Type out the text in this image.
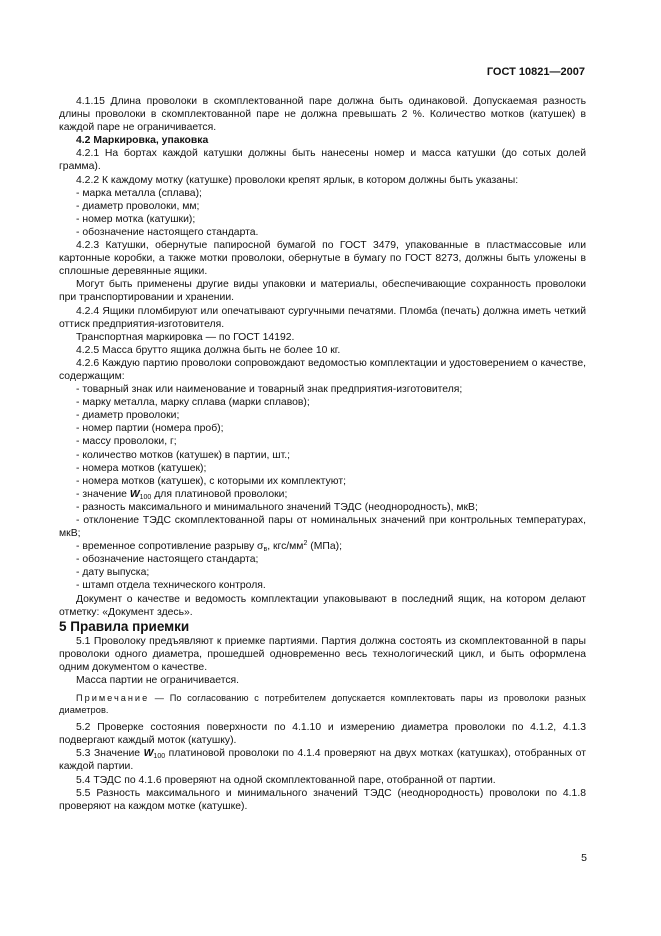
ГОСТ 10821—2007

4.1.15 Длина проволоки в скомплектованной паре должна быть одинаковой. Допускаемая разность длины проволоки в скомплектованной паре не должна превышать 2 %. Количество мотков (катушек) в каждой паре не ограничивается.

4.2 Маркировка, упаковка

4.2.1 На бортах каждой катушки должны быть нанесены номер и масса катушки (до сотых долей грамма).

4.2.2 К каждому мотку (катушке) проволоки крепят ярлык, в котором должны быть указаны:

- марка металла (сплава);

- диаметр проволоки, мм;

- номер мотка (катушки);

- обозначение настоящего стандарта.

4.2.3 Катушки, обернутые папиросной бумагой по ГОСТ 3479, упакованные в пластмассовые или картонные коробки, а также мотки проволоки, обернутые в бумагу по ГОСТ 8273, должны быть уложены в сплошные деревянные ящики.

Могут быть применены другие виды упаковки и материалы, обеспечивающие сохранность проволоки при транспортировании и хранении.

4.2.4 Ящики пломбируют или опечатывают сургучными печатями. Пломба (печать) должна иметь четкий оттиск предприятия-изготовителя.

Транспортная маркировка — по ГОСТ 14192.

4.2.5 Масса брутто ящика должна быть не более 10 кг.

4.2.6 Каждую партию проволоки сопровождают ведомостью комплектации и удостоверением о качестве, содержащим:

- товарный знак или наименование и товарный знак предприятия-изготовителя;

- марку металла, марку сплава (марки сплавов);

- диаметр проволоки;

- номер партии (номера проб);

- массу проволоки, г;

- количество мотков (катушек) в партии, шт.;

- номера мотков (катушек);

- номера мотков (катушек), с которыми их комплектуют;

- значение $W_{100}$ для платиновой проволоки;

- разность максимального и минимального значений ТЭДС (неоднородность), мкВ;

- отклонение ТЭДС скомплектованной пары от номинальных значений при контрольных температурах, мкВ;

- временное сопротивление разрыву $\sigma_в$, кгс/$мм^2$ (МПа);

- обозначение настоящего стандарта;

- дату выпуска;

- штамп отдела технического контроля.

Документ о качестве и ведомость комплектации упаковывают в последний ящик, на котором делают отметку: «Документ здесь».

5 Правила приемки

5.1 Проволоку предъявляют к приемке партиями. Партия должна состоять из скомплектованной в пары проволоки одного диаметра, прошедшей одновременно весь технологический цикл, и быть оформлена одним документом о качестве.

Масса партии не ограничивается.

Примечание — По согласованию с потребителем допускается комплектовать пары из проволоки разных диаметров.

5.2 Проверке состояния поверхности по 4.1.10 и измерению диаметра проволоки по 4.1.2, 4.1.3 подвергают каждый моток (катушку).

5.3 Значение $W_{100}$ платиновой проволоки по 4.1.4 проверяют на двух мотках (катушках), отобранных от каждой партии.

5.4 ТЭДС по 4.1.6 проверяют на одной скомплектованной паре, отобранной от партии.

5.5 Разность максимального и минимального значений ТЭДС (неоднородность) проволоки по 4.1.8 проверяют на каждом мотке (катушке).

5
